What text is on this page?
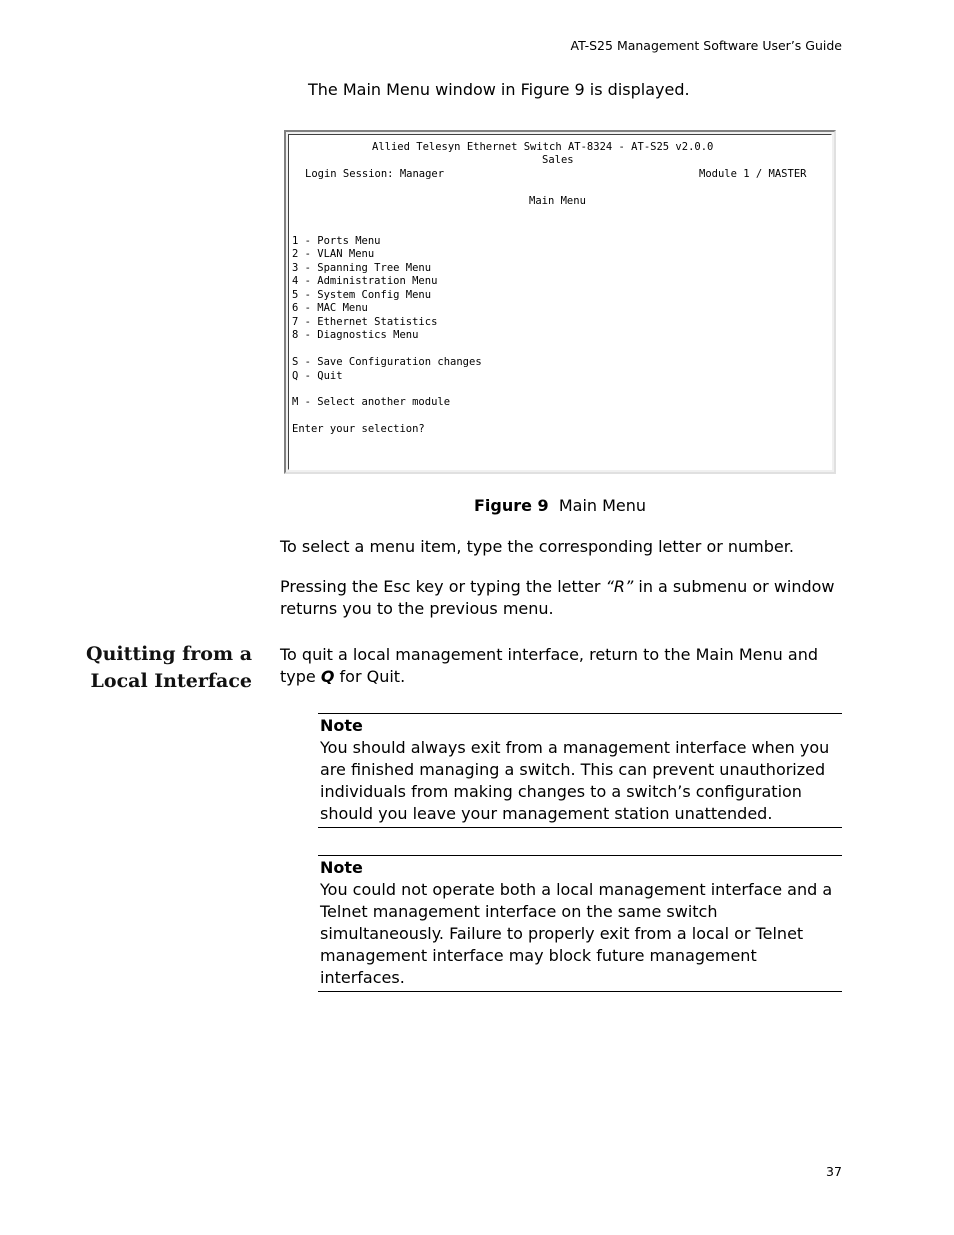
AT-S25 Management Software User’s Guide
The Main Menu window in Figure 9 is displayed.
Allied Telesyn Ethernet Switch AT-8324 - AT-S25 v2.0.0
Sales
Login Session: Manager	Module 1 / MASTER
Main Menu
1 - Ports Menu
2 - VLAN Menu
3 - Spanning Tree Menu
4 - Administration Menu
5 - System Config Menu
6 - MAC Menu
7 - Ethernet Statistics
8 - Diagnostics Menu
S - Save Configuration changes
Q - Quit
M - Select another module
Enter your selection?
Figure 9 Main Menu
To select a menu item, type the corresponding letter or number.
Pressing the Esc key or typing the letter “R” in a submenu or window returns you to the previous menu.
Quitting from a
Local Interface
To quit a local management interface, return to the Main Menu and type Q for Quit.
Note
You should always exit from a management interface when you are finished managing a switch. This can prevent unauthorized individuals from making changes to a switch’s configuration should you leave your management station unattended.
Note
You could not operate both a local management interface and a Telnet management interface on the same switch simultaneously. Failure to properly exit from a local or Telnet management interface may block future management interfaces.
37
